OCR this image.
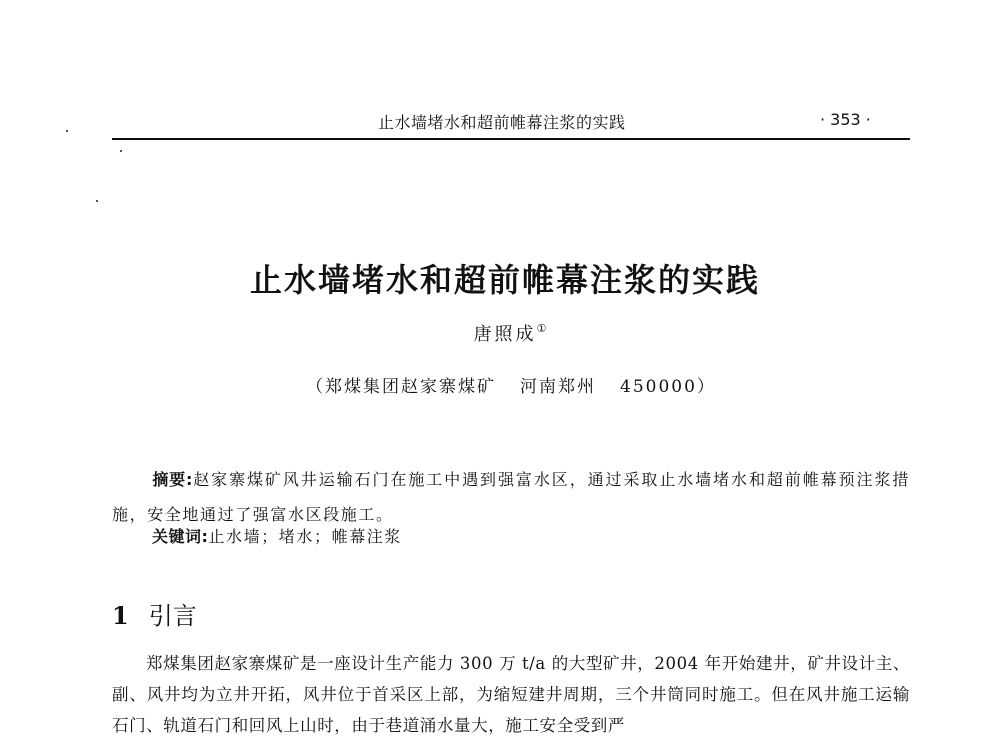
止水墙堵水和超前帷幕注浆的实践	· 353 ·
止水墙堵水和超前帷幕注浆的实践
唐照成①
（郑煤集团赵家寨煤矿 河南郑州 450000）
摘要:赵家寨煤矿风井运输石门在施工中遇到强富水区，通过采取止水墙堵水和超前帷幕预注浆措施，安全地通过了强富水区段施工。
关键词:止水墙；堵水；帷幕注浆
1 引言
郑煤集团赵家寨煤矿是一座设计生产能力 300 万 t/a 的大型矿井，2004 年开始建井，矿井设计主、副、风井均为立井开拓，风井位于首采区上部，为缩短建井周期，三个井筒同时施工。但在风井施工运输石门、轨道石门和回风上山时，由于巷道涌水量大，施工安全受到严
